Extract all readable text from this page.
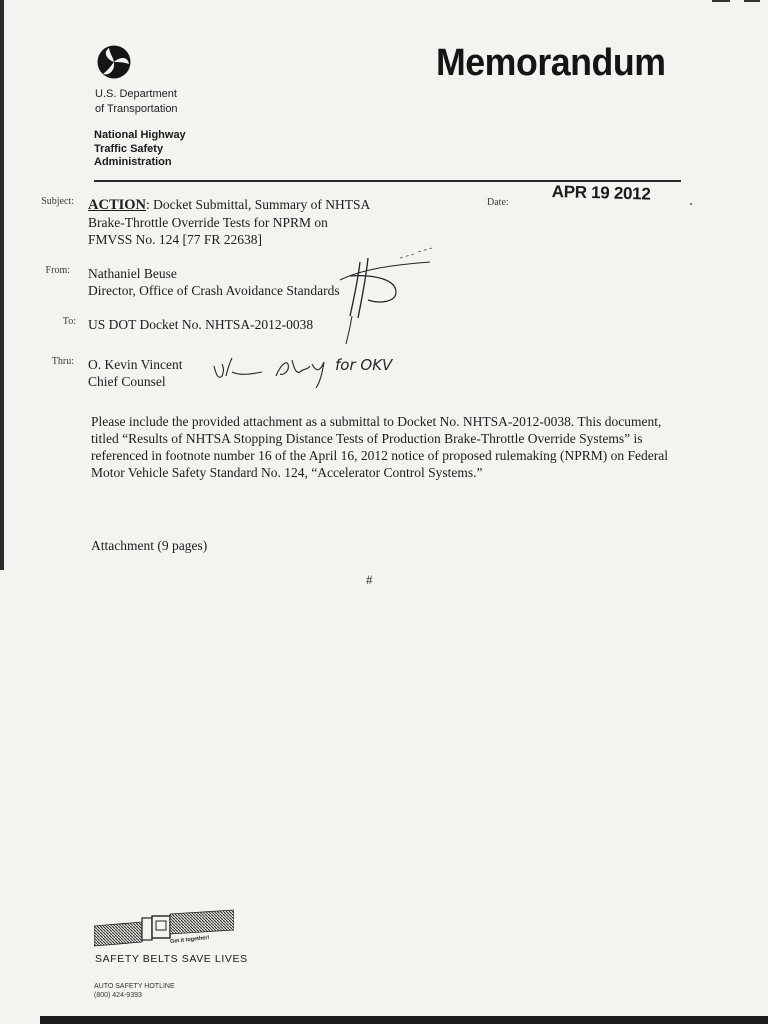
U.S. Department
of Transportation
National Highway
Traffic Safety
Administration
Memorandum
Subject: ACTION: Docket Submittal, Summary of NHTSA
Brake-Throttle Override Tests for NPRM on
FMVSS No. 124 [77 FR 22638]
Date:	APR 19 2012
From: Nathaniel Beuse
Director, Office of Crash Avoidance Standards
To: US DOT Docket No. NHTSA-2012-0038
Thru: O. Kevin Vincent
Chief Counsel
for OKV
Please include the provided attachment as a submittal to Docket No. NHTSA-2012-0038. This document, titled “Results of NHTSA Stopping Distance Tests of Production Brake-Throttle Override Systems” is referenced in footnote number 16 of the April 16, 2012 notice of proposed rulemaking (NPRM) on Federal Motor Vehicle Safety Standard No. 124, “Accelerator Control Systems.”
Attachment (9 pages)
#
Get it together!
SAFETY BELTS SAVE LIVES
AUTO SAFETY HOTLINE
(800) 424-9393
